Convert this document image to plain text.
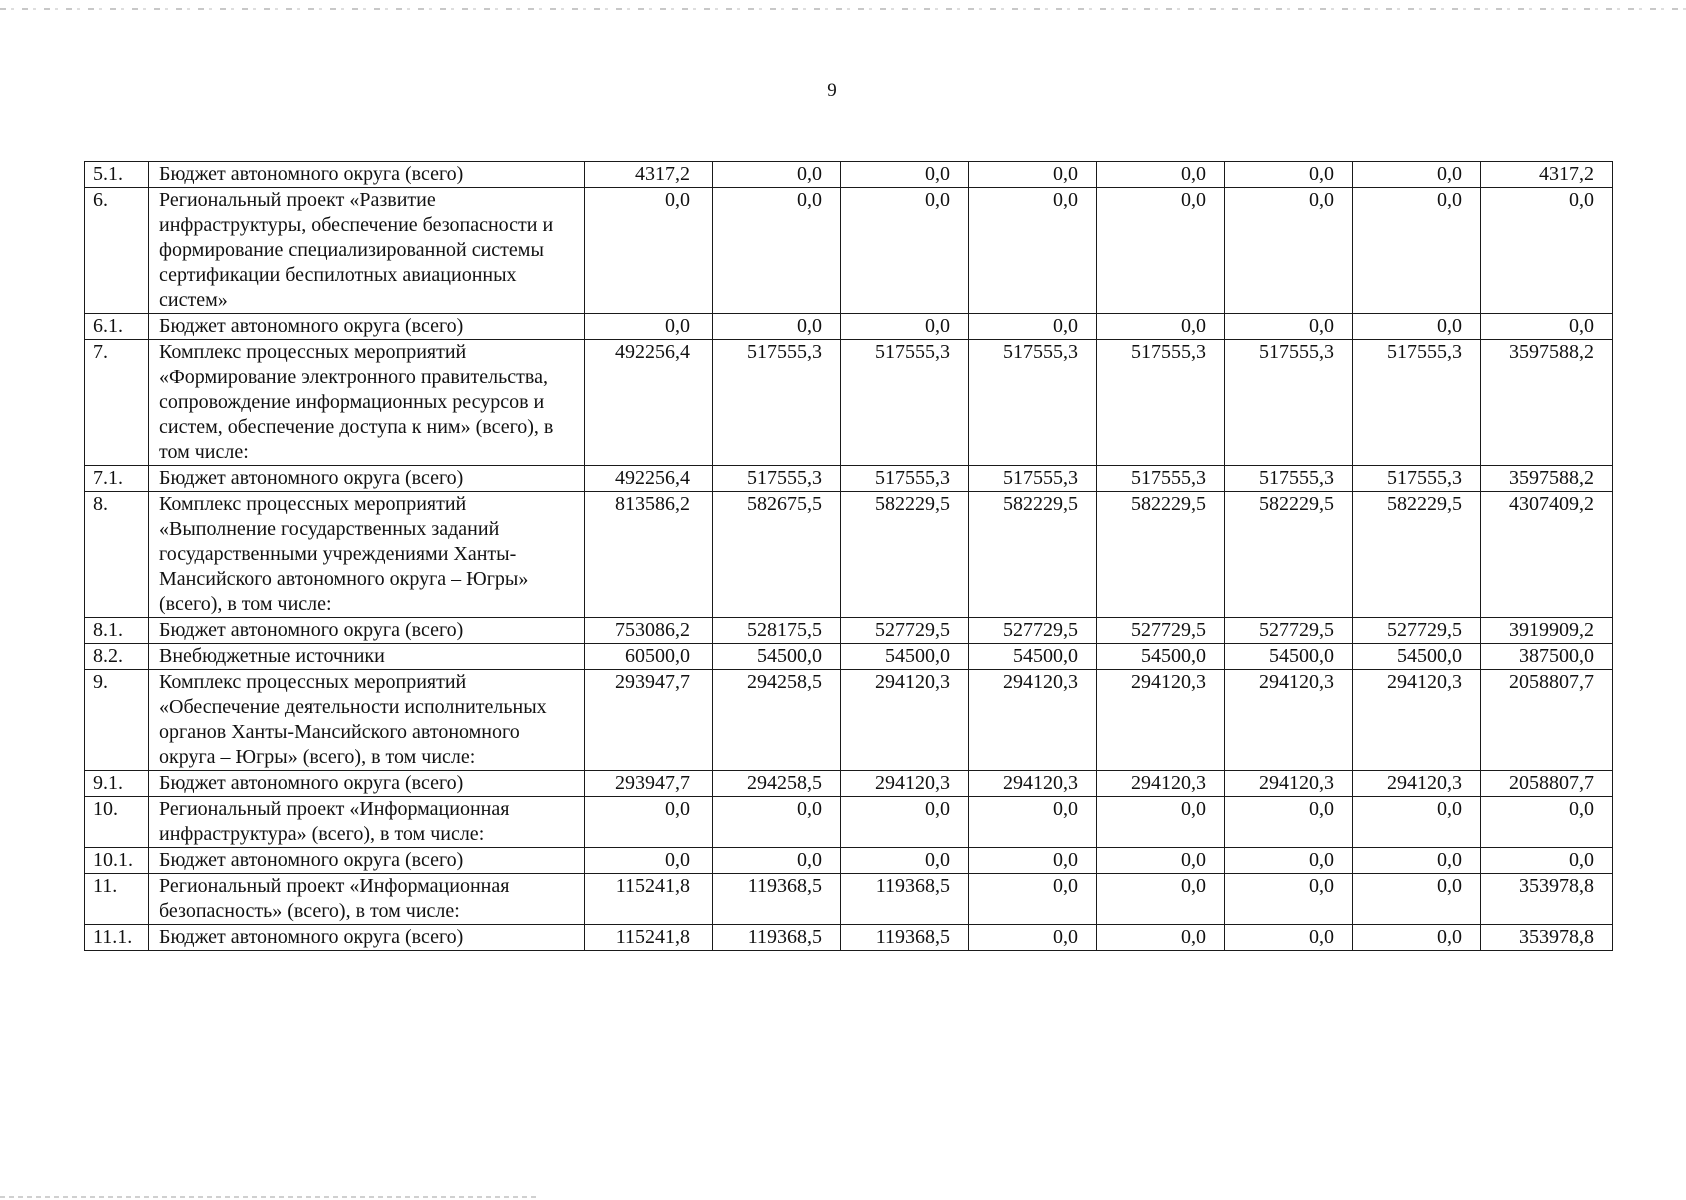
9
5.1.	Бюджет автономного округа (всего)	4317,2	0,0	0,0	0,0	0,0	0,0	0,0	4317,2
6.	Региональный проект «Развитие инфраструктуры, обеспечение безопасности и формирование специализированной системы сертификации беспилотных авиационных систем»	0,0	0,0	0,0	0,0	0,0	0,0	0,0	0,0
6.1.	Бюджет автономного округа (всего)	0,0	0,0	0,0	0,0	0,0	0,0	0,0	0,0
7.	Комплекс процессных мероприятий «Формирование электронного правительства, сопровождение информационных ресурсов и систем, обеспечение доступа к ним» (всего), в том числе:	492256,4	517555,3	517555,3	517555,3	517555,3	517555,3	517555,3	3597588,2
7.1.	Бюджет автономного округа (всего)	492256,4	517555,3	517555,3	517555,3	517555,3	517555,3	517555,3	3597588,2
8.	Комплекс процессных мероприятий «Выполнение государственных заданий государственными учреждениями Ханты-Мансийского автономного округа – Югры» (всего), в том числе:	813586,2	582675,5	582229,5	582229,5	582229,5	582229,5	582229,5	4307409,2
8.1.	Бюджет автономного округа (всего)	753086,2	528175,5	527729,5	527729,5	527729,5	527729,5	527729,5	3919909,2
8.2.	Внебюджетные источники	60500,0	54500,0	54500,0	54500,0	54500,0	54500,0	54500,0	387500,0
9.	Комплекс процессных мероприятий «Обеспечение деятельности исполнительных органов Ханты-Мансийского автономного округа – Югры» (всего), в том числе:	293947,7	294258,5	294120,3	294120,3	294120,3	294120,3	294120,3	2058807,7
9.1.	Бюджет автономного округа (всего)	293947,7	294258,5	294120,3	294120,3	294120,3	294120,3	294120,3	2058807,7
10.	Региональный проект «Информационная инфраструктура» (всего), в том числе:	0,0	0,0	0,0	0,0	0,0	0,0	0,0	0,0
10.1.	Бюджет автономного округа (всего)	0,0	0,0	0,0	0,0	0,0	0,0	0,0	0,0
11.	Региональный проект «Информационная безопасность» (всего), в том числе:	115241,8	119368,5	119368,5	0,0	0,0	0,0	0,0	353978,8
11.1.	Бюджет автономного округа (всего)	115241,8	119368,5	119368,5	0,0	0,0	0,0	0,0	353978,8
